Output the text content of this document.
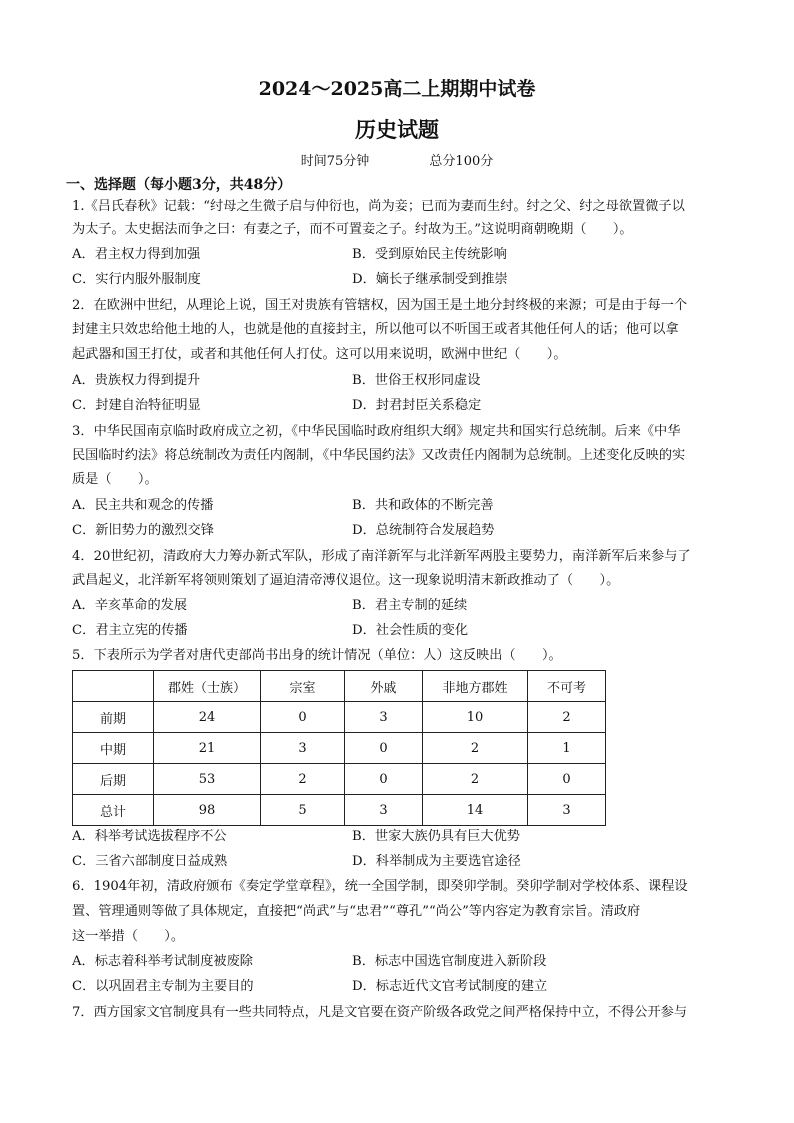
2024～2025高二上期期中试卷
历史试题
时间75分钟	总分100分
一、选择题（每小题3分，共48分）
1.《吕氏春秋》记载：“纣母之生微子启与仲衍也，尚为妾；已而为妻而生纣。纣之父、纣之母欲置微子以
为太子。太史据法而争之曰：有妻之子，而不可置妾之子。纣故为王。”这说明商朝晚期（　　）。
A．君主权力得到加强	B．受到原始民主传统影响
C．实行内服外服制度	D．嫡长子继承制受到推崇
2．在欧洲中世纪，从理论上说，国王对贵族有管辖权，因为国王是土地分封终极的来源；可是由于每一个
封建主只效忠给他土地的人，也就是他的直接封主，所以他可以不听国王或者其他任何人的话；他可以拿
起武器和国王打仗，或者和其他任何人打仗。这可以用来说明，欧洲中世纪（　　）。
A．贵族权力得到提升	B．世俗王权形同虚设
C．封建自治特征明显	D．封君封臣关系稳定
3．中华民国南京临时政府成立之初，《中华民国临时政府组织大纲》规定共和国实行总统制。后来《中华
民国临时约法》将总统制改为责任内阁制，《中华民国约法》又改责任内阁制为总统制。上述变化反映的实
质是（　　）。
A．民主共和观念的传播	B．共和政体的不断完善
C．新旧势力的激烈交锋	D．总统制符合发展趋势
4．20世纪初，清政府大力筹办新式军队，形成了南洋新军与北洋新军两股主要势力，南洋新军后来参与了
武昌起义，北洋新军将领则策划了逼迫清帝溥仪退位。这一现象说明清末新政推动了（　　）。
A．辛亥革命的发展	B．君主专制的延续
C．君主立宪的传播	D．社会性质的变化
5．下表所示为学者对唐代吏部尚书出身的统计情况（单位：人）这反映出（　　）。
	郡姓（士族）	宗室	外戚	非地方郡姓	不可考
前期	24	0	3	10	2
中期	21	3	0	2	1
后期	53	2	0	2	0
总计	98	5	3	14	3
A．科举考试选拔程序不公	B．世家大族仍具有巨大优势
C．三省六部制度日益成熟	D．科举制成为主要选官途径
6．1904年初，清政府颁布《奏定学堂章程》，统一全国学制，即癸卯学制。癸卯学制对学校体系、课程设
置、管理通则等做了具体规定，直接把“尚武”与“忠君”“尊孔”“尚公”等内容定为教育宗旨。清政府
这一举措（　　）。
A．标志着科举考试制度被废除	B．标志中国选官制度进入新阶段
C．以巩固君主专制为主要目的	D．标志近代文官考试制度的建立
7．西方国家文官制度具有一些共同特点，凡是文官要在资产阶级各政党之间严格保持中立，不得公开参与
